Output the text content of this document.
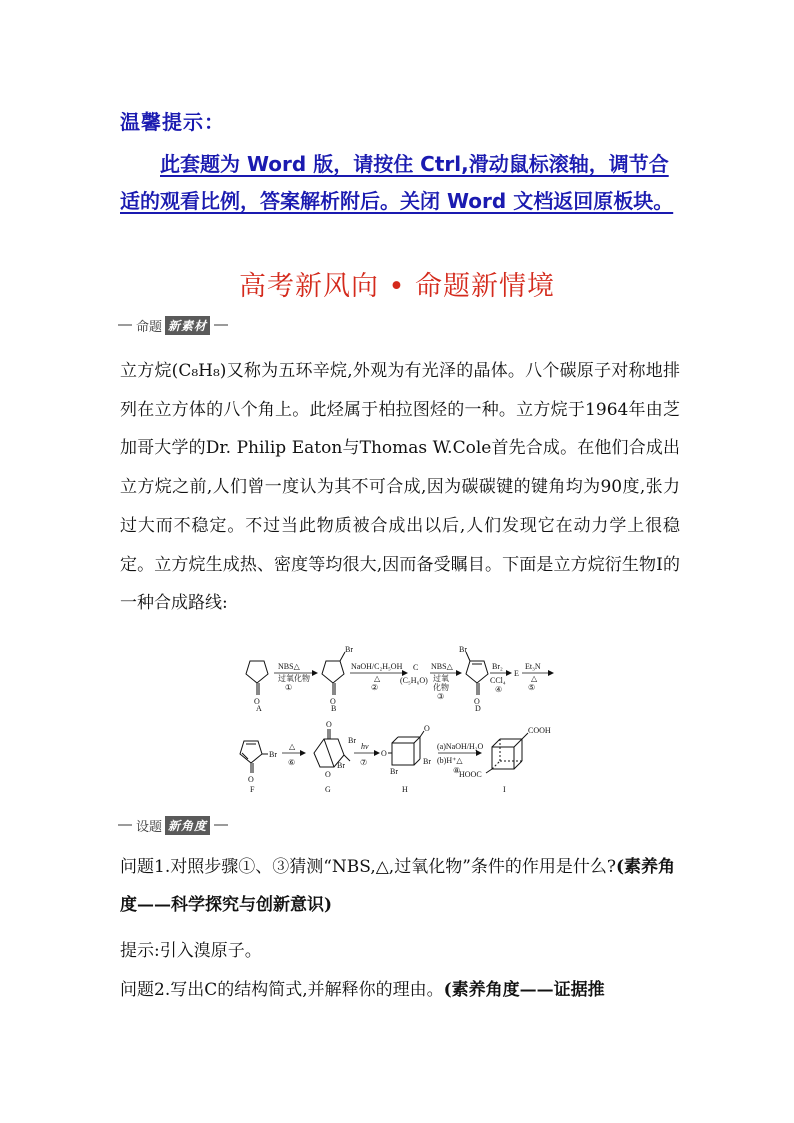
温馨提示：
此套题为 Word 版，请按住 Ctrl,滑动鼠标滚轴，调节合适的观看比例，答案解析附后。关闭 Word 文档返回原板块。
高考新风向 • 命题新情境
命题 新素材
立方烷(C₈H₈)又称为五环辛烷,外观为有光泽的晶体。八个碳原子对称地排列在立方体的八个角上。此烃属于柏拉图烃的一种。立方烷于1964年由芝加哥大学的Dr. Philip Eaton与Thomas W.Cole首先合成。在他们合成出立方烷之前,人们曾一度认为其不可合成,因为碳碳键的键角均为90度,张力过大而不稳定。不过当此物质被合成出以后,人们发现它在动力学上很稳定。立方烷生成热、密度等均很大,因而备受瞩目。下面是立方烷衍生物Ⅰ的一种合成路线:
O
A
NBS△
过氧化物
①
Br
O
B
NaOH/C₂H₅OH
△
②
C
(C₅H₆O)
NBS△
过氧
化物
③
Br
O
D
Br₂
CCl₄
④
E
Et₃N
△
⑤
Br
O
F
△
⑥
O
Br
Br
O
G
hν
⑦
O
O
Br
Br
H
(a)NaOH/H₂O
(b)H⁺△
⑧
COOH
HOOC
I
设题 新角度
问题1.对照步骤①、③猜测“NBS,△,过氧化物”条件的作用是什么?(素养角度——科学探究与创新意识)
提示:引入溴原子。
问题2.写出C的结构简式,并解释你的理由。(素养角度——证据推
